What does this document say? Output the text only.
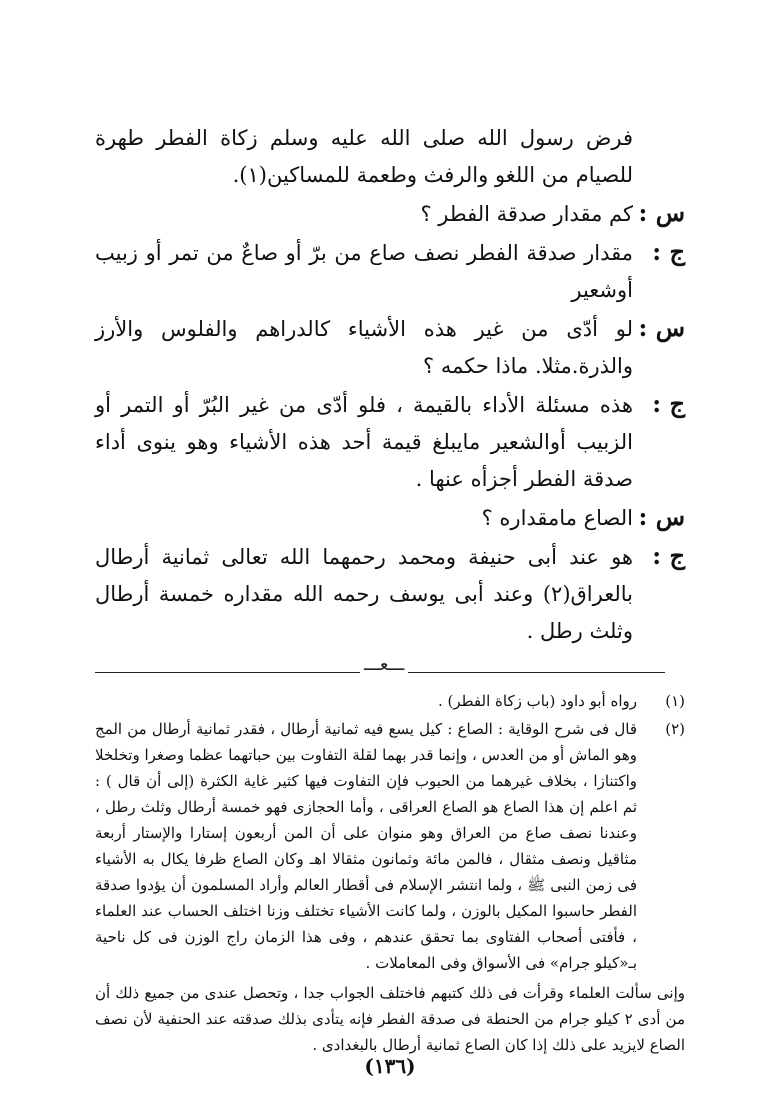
فرض رسول الله صلى الله عليه وسلم زكاة الفطر طهرة للصيام من اللغو والرفث وطعمة للمساكين(١).

س :
كم مقدار صدقة الفطر ؟
ج :
مقدار صدقة الفطر نصف صاع من برّ أو صاعٌ من تمر أو زبيب أوشعير
س :
لو أدّى من غير هذه الأشياء كالدراهم والفلوس والأرز والذرة.مثلا. ماذا حكمه ؟
ج :
هذه مسئلة الأداء بالقيمة ، فلو أدّى من غير البُرّ أو التمر أو الزبيب أوالشعير مايبلغ قيمة أحد هذه الأشياء وهو ينوى أداء صدقة الفطر أجزأه عنها .
س :
الصاع مامقداره ؟
ج :
هو عند أبى حنيفة ومحمد رحمهما الله تعالى ثمانية أرطال بالعراق(٢) وعند أبى يوسف رحمه الله مقداره خمسة أرطال وثلث رطل .
ـــعـــ
(١)
رواه أبو داود (باب زكاة الفطر) .
(٢)
قال فى شرح الوقاية : الصاع : كيل يسع فيه ثمانية أرطال ، فقدر ثمانية أرطال من المج وهو الماش أو من العدس ، وإنما قدر بهما لقلة التفاوت بين حباتهما عظما وصغرا وتخلخلا واكتنازا ، بخلاف غيرهما من الحبوب فإن التفاوت فيها كثير غاية الكثرة (إلى أن قال ) : ثم اعلم إن هذا الصاع هو الصاع العراقى ، وأما الحجازى فهو خمسة أرطال وثلث رطل ، وعندنا نصف صاع من العراق وهو منوان على أن المن أربعون إستارا والإستار أربعة مثاقيل ونصف مثقال ، فالمن مائة وثمانون مثقالا اهـ وكان الصاع ظرفا يكال به الأشياء فى زمن النبى ﷺ ، ولما انتشر الإسلام فى أقطار العالم وأراد المسلمون أن يؤدوا صدقة الفطر حاسبوا المكيل بالوزن ، ولما كانت الأشياء تختلف وزنا اختلف الحساب عند العلماء ، فأفتى أصحاب الفتاوى بما تحقق عندهم ، وفى هذا الزمان راج الوزن فى كل ناحية بـ«كيلو جرام» فى الأسواق وفى المعاملات .

وإنى سألت العلماء وقرأت فى ذلك كتبهم فاختلف الجواب جدا ، وتحصل عندى من جميع ذلك أن من أدى ٢ كيلو جرام من الحنطة فى صدقة الفطر فإنه يتأدى بذلك صدقته عند الحنفية لأن نصف الصاع لايزيد على ذلك إذا كان الصاع ثمانية أرطال بالبغدادى .

(١٣٦)
